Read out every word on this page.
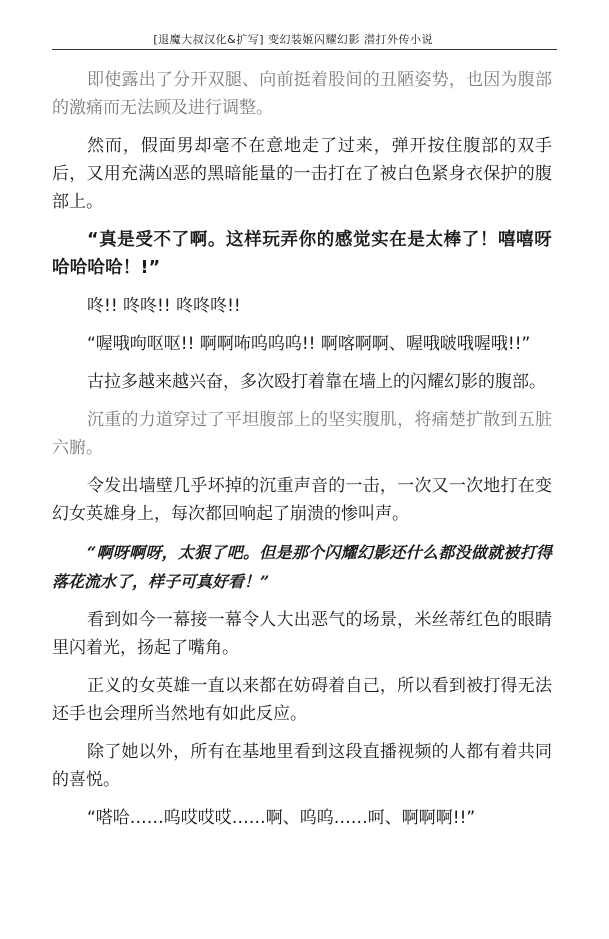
[退魔大叔汉化&扩写] 变幻装姬闪耀幻影 潜打外传小说

即使露出了分开双腿、向前挺着股间的丑陋姿势，也因为腹部的激痛而无法顾及进行调整。

然而，假面男却毫不在意地走了过来，弹开按住腹部的双手后，又用充满凶恶的黑暗能量的一击打在了被白色紧身衣保护的腹部上。

“真是受不了啊。这样玩弄你的感觉实在是太棒了！嘻嘻呀哈哈哈哈！!”

咚!! 咚咚!! 咚咚咚!!

“喔哦呴呕呕!! 啊啊咘呜呜呜!! 啊喀啊啊、喔哦啵哦喔哦!!”

古拉多越来越兴奋，多次殴打着靠在墙上的闪耀幻影的腹部。

沉重的力道穿过了平坦腹部上的坚实腹肌，将痛楚扩散到五脏六腑。

令发出墙壁几乎坏掉的沉重声音的一击，一次又一次地打在变幻女英雄身上，每次都回响起了崩溃的惨叫声。

“啊呀啊呀，太狠了吧。但是那个闪耀幻影还什么都没做就被打得落花流水了，样子可真好看！”

看到如今一幕接一幕令人大出恶气的场景，米丝蒂红色的眼睛里闪着光，扬起了嘴角。

正义的女英雄一直以来都在妨碍着自己，所以看到被打得无法还手也会理所当然地有如此反应。

除了她以外，所有在基地里看到这段直播视频的人都有着共同的喜悦。

“嗒哈……呜哎哎哎……啊、呜呜……呵、啊啊啊!!”
